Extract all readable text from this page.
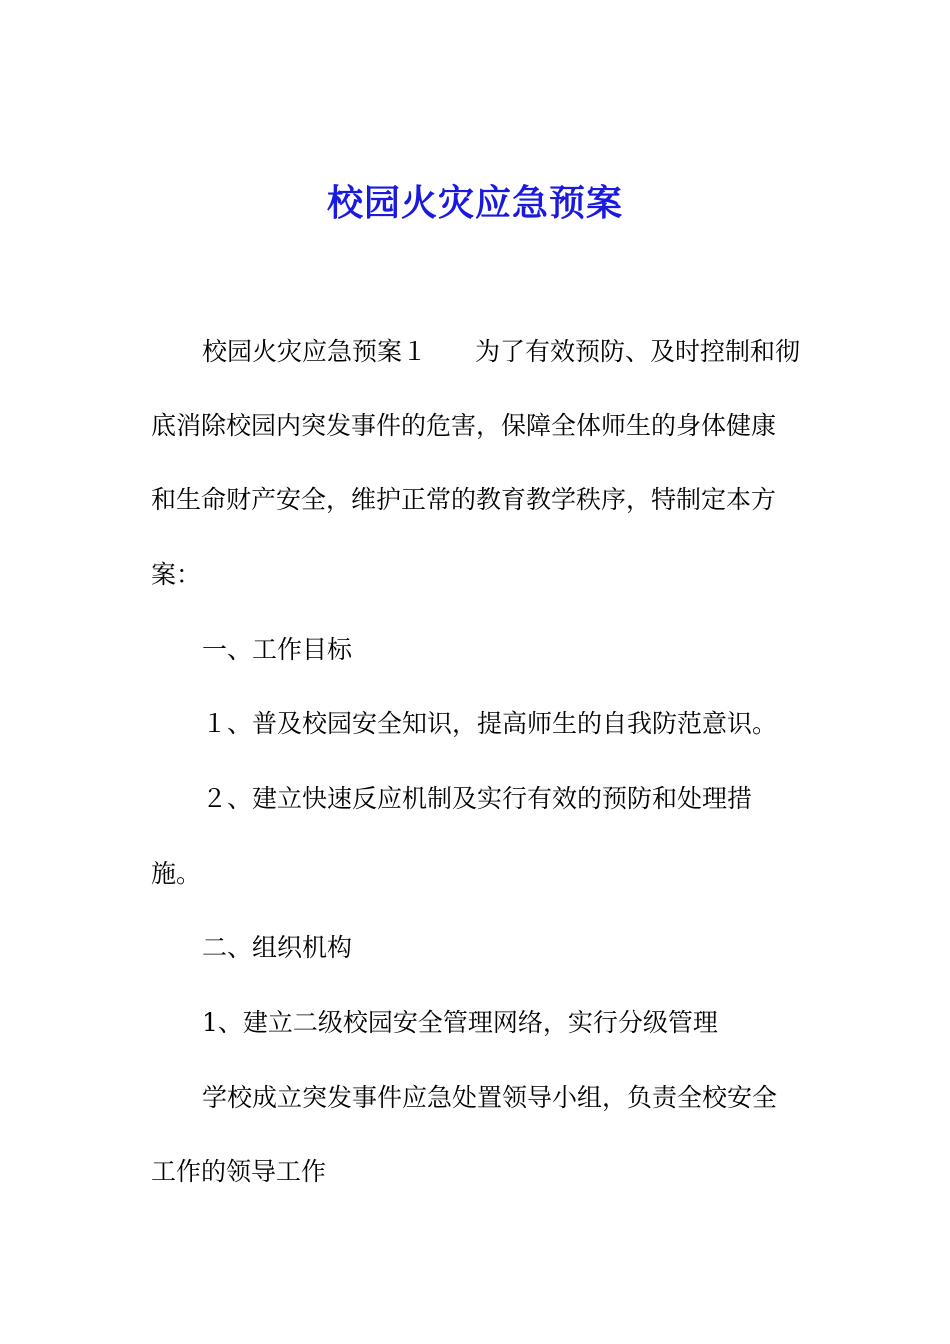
校园火灾应急预案
校园火灾应急预案１ 为了有效预防、及时控制和彻
底消除校园内突发事件的危害，保障全体师生的身体健康
和生命财产安全，维护正常的教育教学秩序，特制定本方
案：
一、工作目标
１、普及校园安全知识，提高师生的自我防范意识。
２、建立快速反应机制及实行有效的预防和处理措
施。
二、组织机构
1、建立二级校园安全管理网络，实行分级管理
学校成立突发事件应急处置领导小组，负责全校安全
工作的领导工作
